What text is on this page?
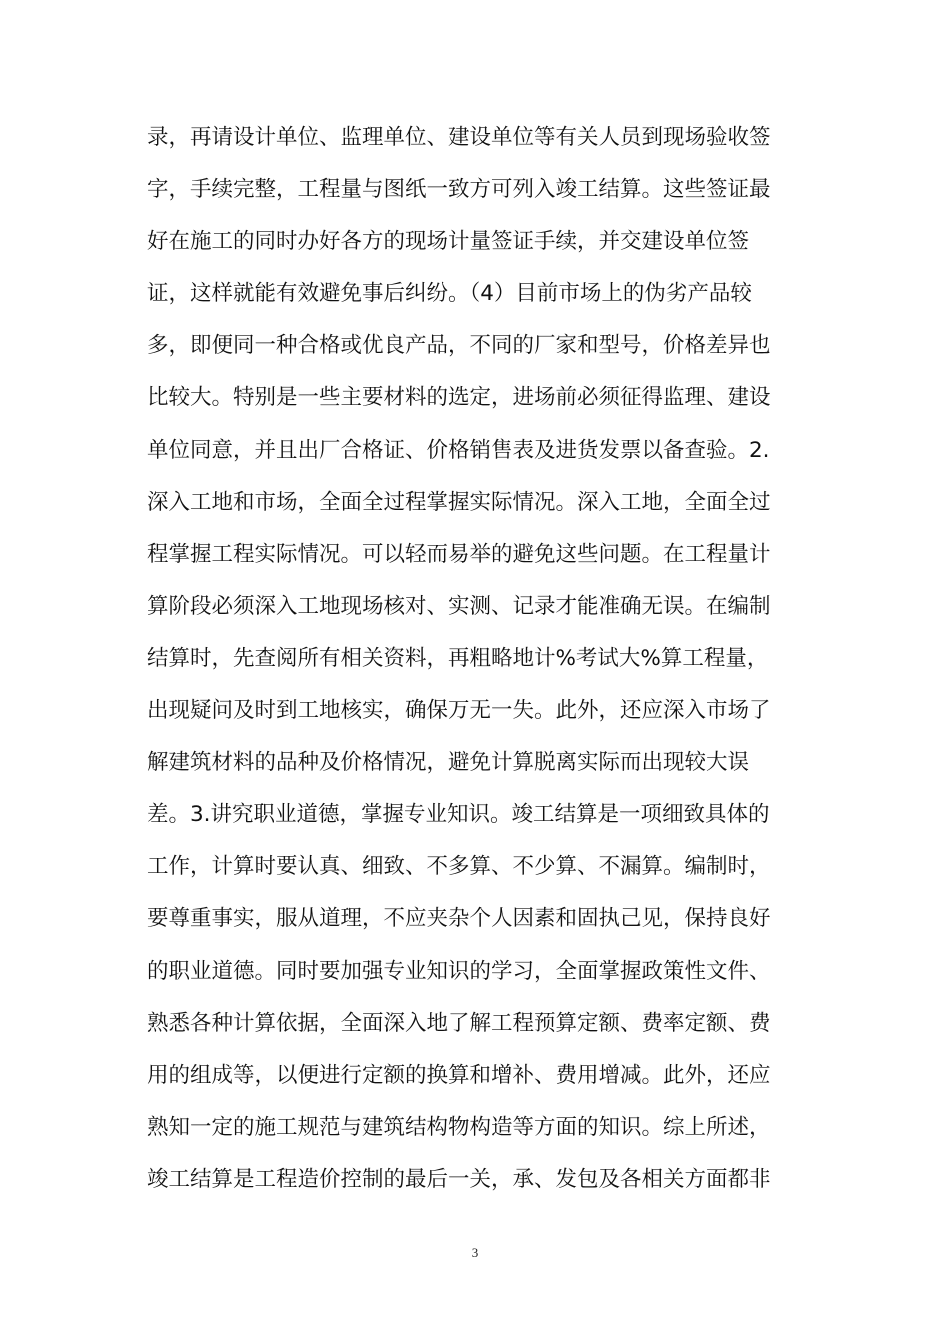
录，再请设计单位、监理单位、建设单位等有关人员到现场验收签
字，手续完整，工程量与图纸一致方可列入竣工结算。这些签证最
好在施工的同时办好各方的现场计量签证手续，并交建设单位签
证，这样就能有效避免事后纠纷。（4）目前市场上的伪劣产品较
多，即便同一种合格或优良产品，不同的厂家和型号，价格差异也
比较大。特别是一些主要材料的选定，进场前必须征得监理、建设
单位同意，并且出厂合格证、价格销售表及进货发票以备查验。2.
深入工地和市场，全面全过程掌握实际情况。深入工地，全面全过
程掌握工程实际情况。可以轻而易举的避免这些问题。在工程量计
算阶段必须深入工地现场核对、实测、记录才能准确无误。在编制
结算时，先查阅所有相关资料，再粗略地计%考试大%算工程量，
出现疑问及时到工地核实，确保万无一失。此外，还应深入市场了
解建筑材料的品种及价格情况，避免计算脱离实际而出现较大误
差。3.讲究职业道德，掌握专业知识。竣工结算是一项细致具体的
工作，计算时要认真、细致、不多算、不少算、不漏算。编制时，
要尊重事实，服从道理，不应夹杂个人因素和固执己见，保持良好
的职业道德。同时要加强专业知识的学习，全面掌握政策性文件、
熟悉各种计算依据，全面深入地了解工程预算定额、费率定额、费
用的组成等，以便进行定额的换算和增补、费用增减。此外，还应
熟知一定的施工规范与建筑结构物构造等方面的知识。综上所述，
竣工结算是工程造价控制的最后一关，承、发包及各相关方面都非
3
